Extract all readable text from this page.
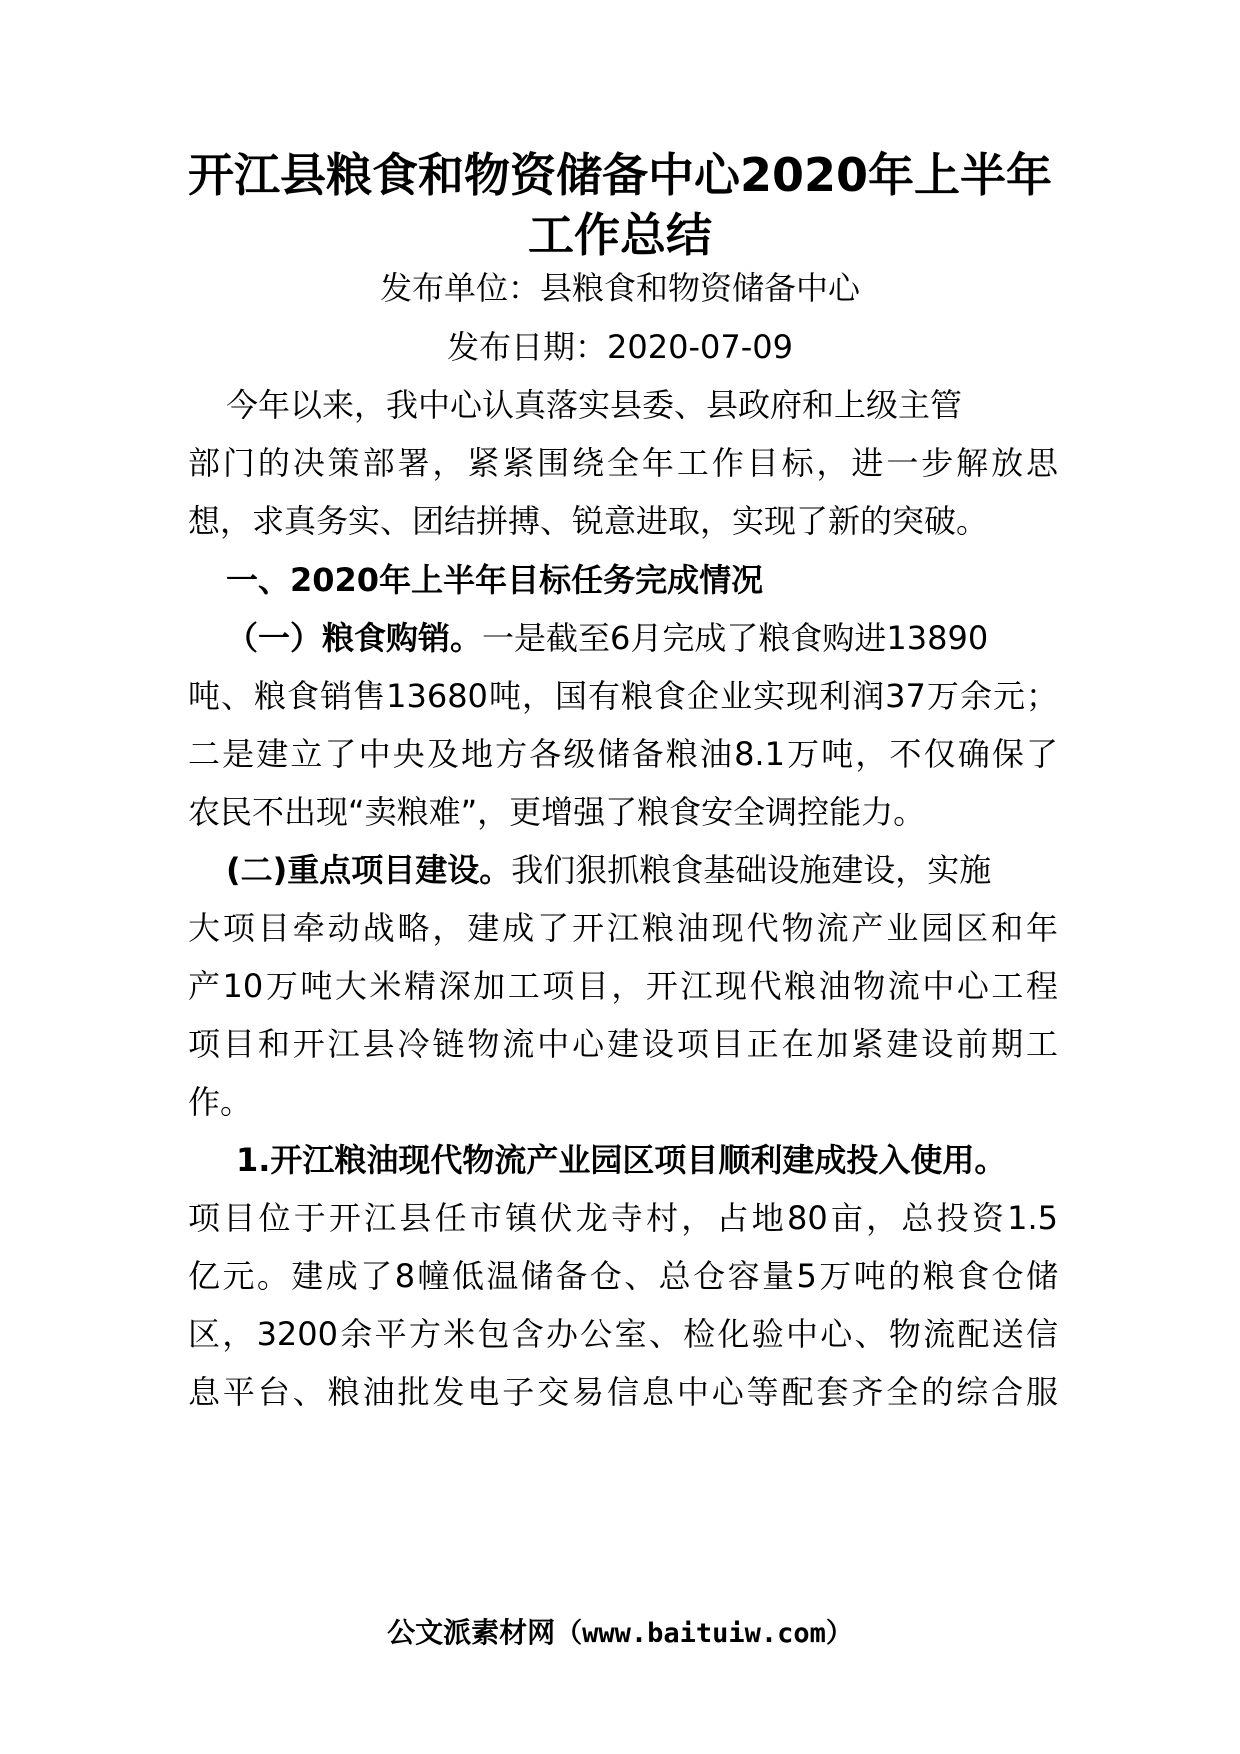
开江县粮食和物资储备中心2020年上半年
工作总结
发布单位：县粮食和物资储备中心
发布日期：2020-07-09
今年以来，我中心认真落实县委、县政府和上级主管
部门的决策部署，紧紧围绕全年工作目标，进一步解放思
想，求真务实、团结拼搏、锐意进取，实现了新的突破。
一、2020年上半年目标任务完成情况
（一）粮食购销。一是截至6月完成了粮食购进13890
吨、粮食销售13680吨，国有粮食企业实现利润37万余元；
二是建立了中央及地方各级储备粮油8.1万吨，不仅确保了
农民不出现“卖粮难”，更增强了粮食安全调控能力。
(二)重点项目建设。我们狠抓粮食基础设施建设，实施
大项目牵动战略，建成了开江粮油现代物流产业园区和年
产10万吨大米精深加工项目，开江现代粮油物流中心工程
项目和开江县冷链物流中心建设项目正在加紧建设前期工
作。
1.开江粮油现代物流产业园区项目顺利建成投入使用。
项目位于开江县任市镇伏龙寺村，占地80亩，总投资1.5
亿元。建成了8幢低温储备仓、总仓容量5万吨的粮食仓储
区，3200余平方米包含办公室、检化验中心、物流配送信
息平台、粮油批发电子交易信息中心等配套齐全的综合服
公文派素材网（www.baituiw.com）
